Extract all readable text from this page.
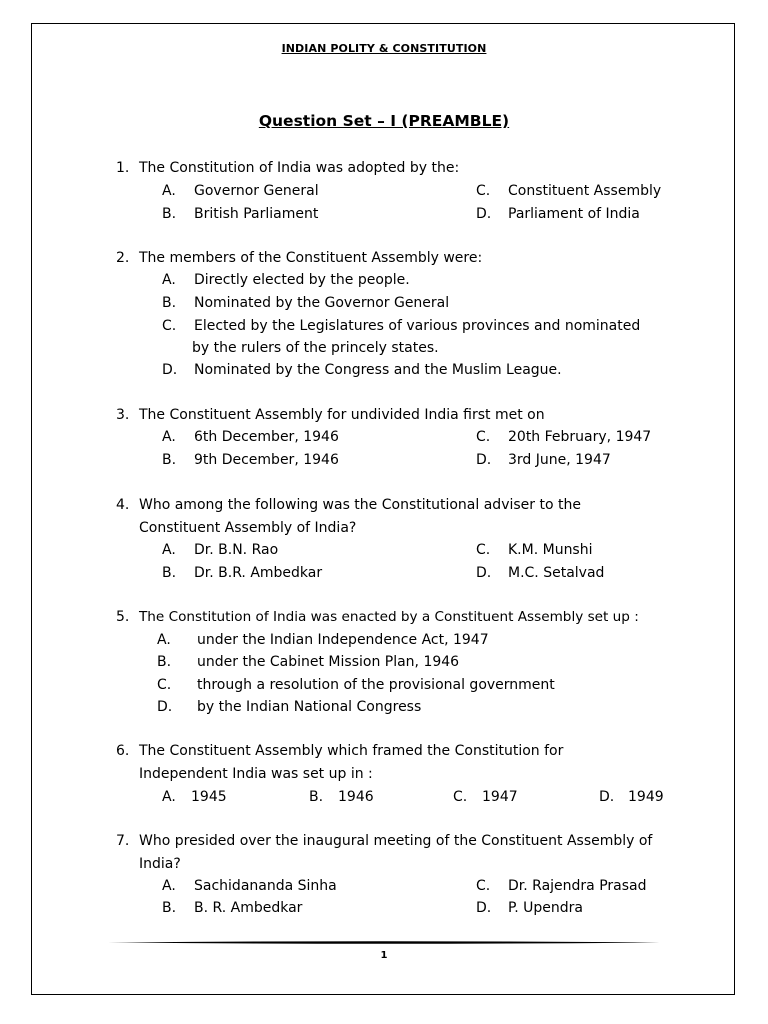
INDIAN POLITY & CONSTITUTION
Question Set – I (PREAMBLE)
1. The Constitution of India was adopted by the:
A. Governor General
B. British Parliament
C. Constituent Assembly
D. Parliament of India
2. The members of the Constituent Assembly were:
A. Directly elected by the people.
B. Nominated by the Governor General
C. Elected by the Legislatures of various provinces and nominated
by the rulers of the princely states.
D. Nominated by the Congress and the Muslim League.
3. The Constituent Assembly for undivided India first met on
A. 6th December, 1946
B. 9th December, 1946
C. 20th February, 1947
D. 3rd June, 1947
4. Who among the following was the Constitutional adviser to the Constituent Assembly of India?
A. Dr. B.N. Rao
B. Dr. B.R. Ambedkar
C. K.M. Munshi
D. M.C. Setalvad
5. The Constitution of India was enacted by a Constituent Assembly set up :
A. under the Indian Independence Act, 1947
B. under the Cabinet Mission Plan, 1946
C. through a resolution of the provisional government
D. by the Indian National Congress
6. The Constituent Assembly which framed the Constitution for Independent India was set up in :
A. 1945	B. 1946	C. 1947	D. 1949
7. Who presided over the inaugural meeting of the Constituent Assembly of India?
A. Sachidananda Sinha
B. B. R. Ambedkar
C. Dr. Rajendra Prasad
D. P. Upendra
1
